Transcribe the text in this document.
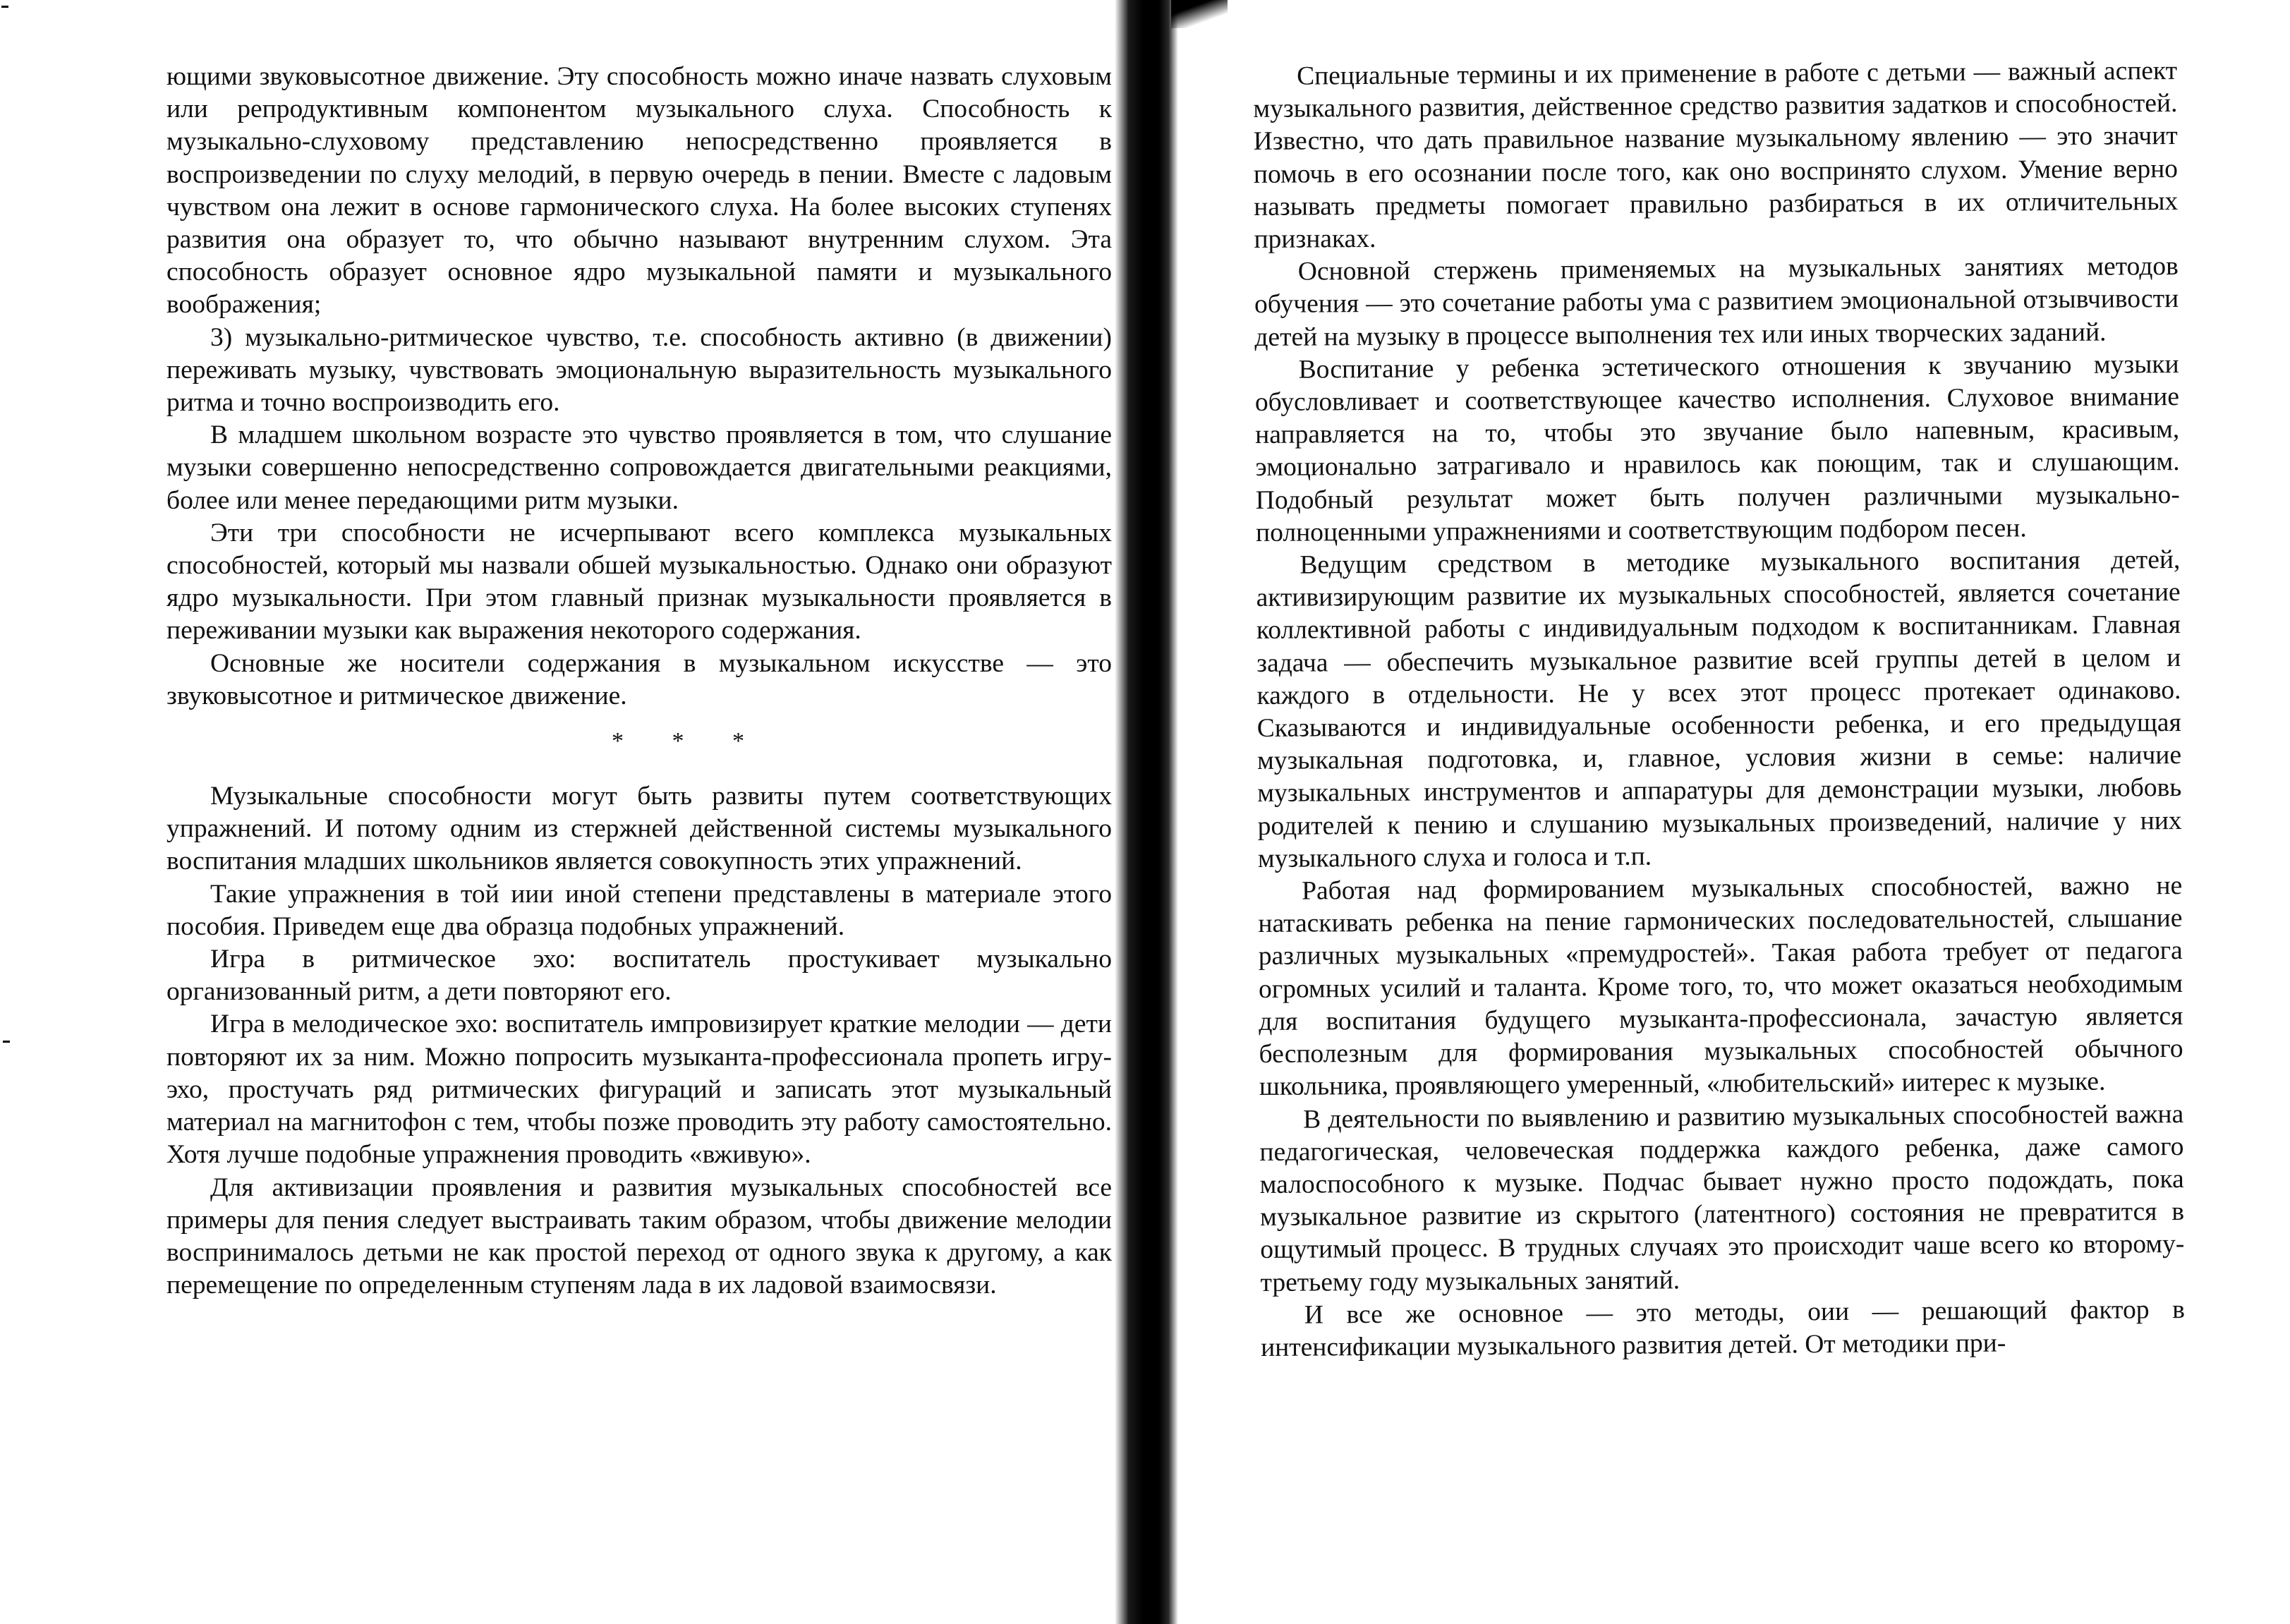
ющими звуковысотное движение. Эту способность можно иначе назвать слуховым или репродуктивным компонентом музыкального слуха. Способность к музыкально-слуховому представлению непосредственно проявляется в воспроизведении по слуху мелодий, в первую очередь в пении. Вместе с ладовым чувством она лежит в основе гармонического слуха. На более высоких ступенях развития она образует то, что обычно называют внутренним слухом. Эта способность образует основное ядро музыкальной памяти и музыкального воображения;

3) музыкально-ритмическое чувство, т.е. способность активно (в движении) переживать музыку, чувствовать эмоциональную выразительность музыкального ритма и точно воспроизводить его.

В младшем школьном возрасте это чувство проявляется в том, что слушание музыки совершенно непосредственно сопровождается двигательными реакциями, более или менее передающими ритм музыки.

Эти три способности не исчерпывают всего комплекса музыкальных способностей, который мы назвали обшей музыкальностью. Однако они образуют ядро музыкальности. При этом главный признак музыкальности проявляется в переживании музыки как выражения некоторого содержания.

Основные же носители содержания в музыкальном искусстве — это звуковысотное и ритмическое движение.

* * *

Музыкальные способности могут быть развиты путем соответствующих упражнений. И потому одним из стержней действенной системы музыкального воспитания младших школьников является совокупность этих упражнений.

Такие упражнения в той иии иной степени представлены в материале этого пособия. Приведем еще два образца подобных упражнений.

Игра в ритмическое эхо: воспитатель простукивает музыкально организованный ритм, а дети повторяют его.

Игра в мелодическое эхо: воспитатель импровизирует краткие мелодии — дети повторяют их за ним. Можно попросить музыканта-профессионала пропеть игру-эхо, простучать ряд ритмических фигураций и записать этот музыкальный материал на магнитофон с тем, чтобы позже проводить эту работу самостоятельно. Хотя лучше подобные упражнения проводить «вживую».

Для активизации проявления и развития музыкальных способностей все примеры для пения следует выстраивать таким образом, чтобы движение мелодии воспринималось детьми не как простой переход от одного звука к другому, а как перемещение по определенным ступеням лада в их ладовой взаимосвязи.

Специальные термины и их применение в работе с детьми — важный аспект музыкального развития, действенное средство развития задатков и способностей. Известно, что дать правильное название музыкальному явлению — это значит помочь в его осознании после того, как оно воспринято слухом. Умение верно называть предметы помогает правильно разбираться в их отличительных признаках.

Основной стержень применяемых на музыкальных занятиях методов обучения — это сочетание работы ума с развитием эмоциональной отзывчивости детей на музыку в процессе выполнения тех или иных творческих заданий.

Воспитание у ребенка эстетического отношения к звучанию музыки обусловливает и соответствующее качество исполнения. Слуховое внимание направляется на то, чтобы это звучание было напевным, красивым, эмоционально затрагивало и нравилось как поющим, так и слушающим. Подобный результат может быть получен различными музыкально-полноценными упражнениями и соответствующим подбором песен.

Ведущим средством в методике музыкального воспитания детей, активизирующим развитие их музыкальных способностей, является сочетание коллективной работы с индивидуальным подходом к воспитанникам. Главная задача — обеспечить музыкальное развитие всей группы детей в целом и каждого в отдельности. Не у всех этот процесс протекает одинаково. Сказываются и индивидуальные особенности ребенка, и его предыдущая музыкальная подготовка, и, главное, условия жизни в семье: наличие музыкальных инструментов и аппаратуры для демонстрации музыки, любовь родителей к пению и слушанию музыкальных произведений, наличие у них музыкального слуха и голоса и т.п.

Работая над формированием музыкальных способностей, важно не натаскивать ребенка на пение гармонических последовательностей, слышание различных музыкальных «премудростей». Такая работа требует от педагога огромных усилий и таланта. Кроме того, то, что может оказаться необходимым для воспитания будущего музыканта-профессионала, зачастую является бесполезным для формирования музыкальных способностей обычного школьника, проявляющего умеренный, «любительский» иитерес к музыке.

В деятельности по выявлению и развитию музыкальных способностей важна педагогическая, человеческая поддержка каждого ребенка, даже самого малоспособного к музыке. Подчас бывает нужно просто подождать, пока музыкальное развитие из скрытого (латентного) состояния не превратится в ощутимый процесс. В трудных случаях это происходит чаше всего ко второму-третьему году музыкальных занятий.

И все же основное — это методы, оии — решающий фактор в интенсификации музыкального развития детей. От методики при-
